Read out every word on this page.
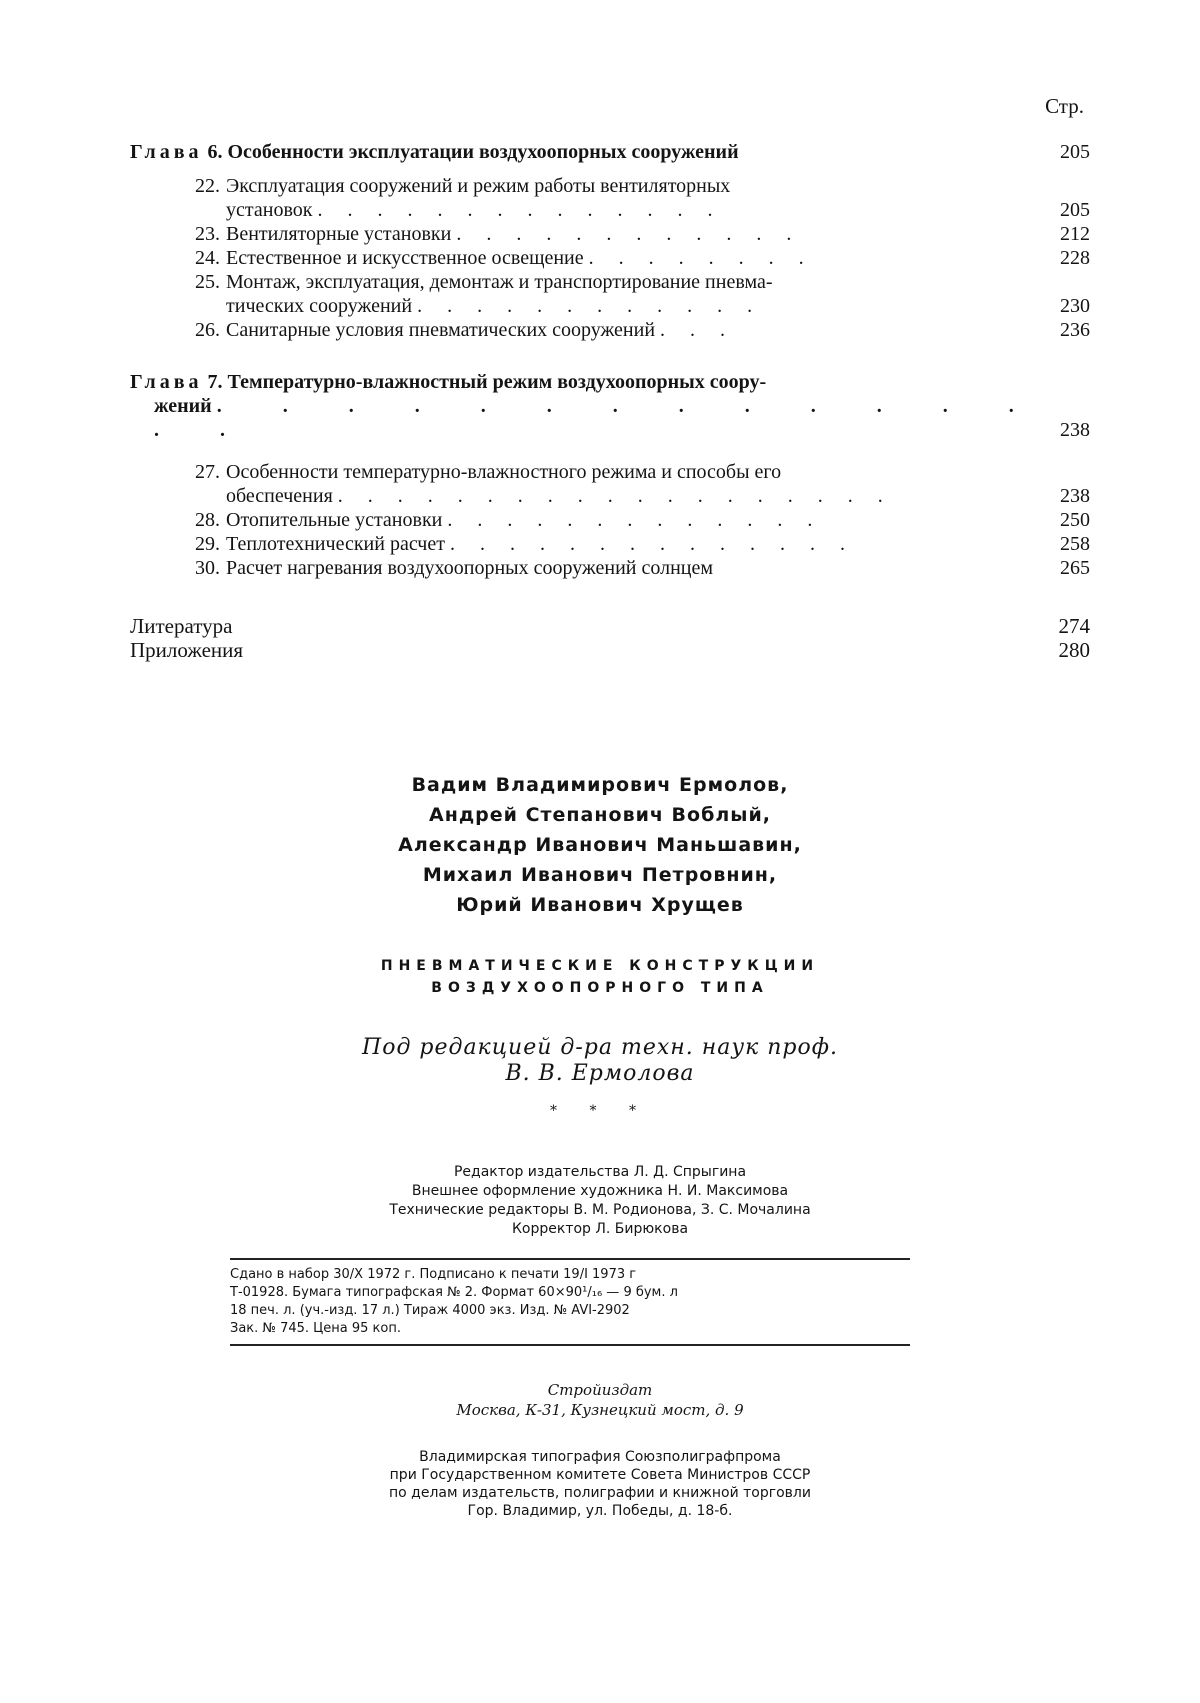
Стр.
Глава 6. Особенности эксплуатации воздухоопорных сооружений	205
22. Эксплуатация сооружений и режим работы вентиляторных
установок . . . . . . . . . . . . . .	205
23. Вентиляторные установки . . . . . . . . . . . .	212
24. Естественное и искусственное освещение . . . . . . . .	228
25. Монтаж, эксплуатация, демонтаж и транспортирование пневма-
тических сооружений . . . . . . . . . . . .	230
26. Санитарные условия пневматических сооружений . . .	236
Глава 7. Температурно-влажностный режим воздухоопорных соору-
жений . . . . . . . . . . . . . . .	238
27. Особенности температурно-влажностного режима и способы его
обеспечения . . . . . . . . . . . . . . . . . . .	238
28. Отопительные установки . . . . . . . . . . . . .	250
29. Теплотехнический расчет . . . . . . . . . . . . . .	258
30. Расчет нагревания воздухоопорных сооружений солнцем	265
Литература	274
Приложения	280
Вадим Владимирович Ермолов,
Андрей Степанович Воблый,
Александр Иванович Маньшавин,
Михаил Иванович Петровнин,
Юрий Иванович Хрущев
ПНЕВМАТИЧЕСКИЕ КОНСТРУКЦИИ
ВОЗДУХООПОРНОГО ТИПА
Под редакцией д-ра техн. наук проф.
В. В. Ермолова
* * *
Редактор издательства Л. Д. Спрыгина
Внешнее оформление художника Н. И. Максимова
Технические редакторы В. М. Родионова, З. С. Мочалина
Корректор Л. Бирюкова
Сдано в набор 30/X 1972 г. Подписано к печати 19/I 1973 г
Т-01928. Бумага типографская № 2. Формат 60×90¹/₁₆ — 9 бум. л
18 печ. л. (уч.-изд. 17 л.) Тираж 4000 экз. Изд. № AVI-2902
Зак. № 745. Цена 95 коп.
Стройиздат
Москва, К-31, Кузнецкий мост, д. 9
Владимирская типография Союзполиграфпрома
при Государственном комитете Совета Министров СССР
по делам издательств, полиграфии и книжной торговли
Гор. Владимир, ул. Победы, д. 18-б.
